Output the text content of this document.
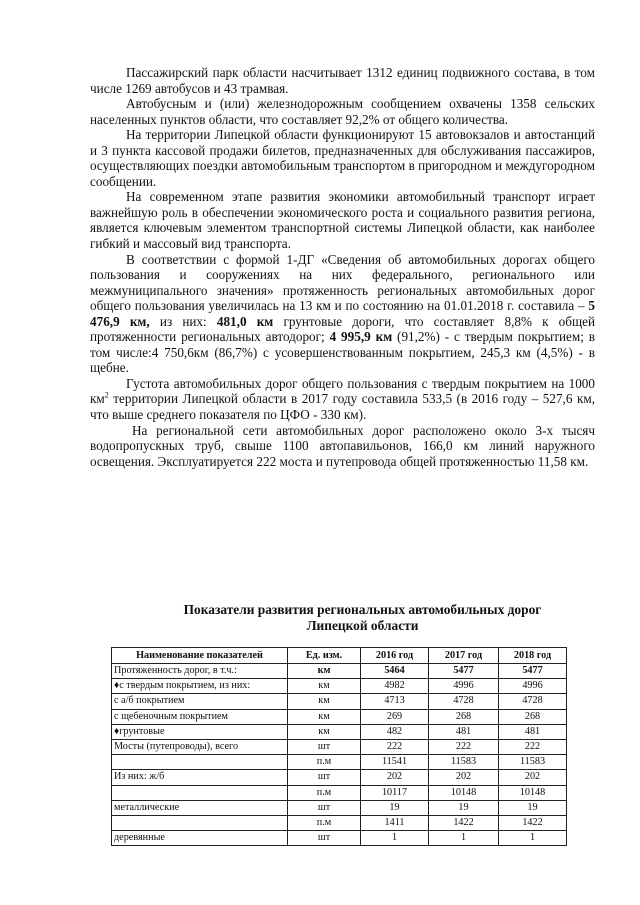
Пассажирский парк области насчитывает 1312 единиц подвижного состава, в том числе 1269 автобусов и 43 трамвая.

Автобусным и (или) железнодорожным сообщением охвачены 1358 сельских населенных пунктов области, что составляет 92,2% от общего количества.

На территории Липецкой области функционируют 15 автовокзалов и автостанций и 3 пункта кассовой продажи билетов, предназначенных для обслуживания пассажиров, осуществляющих поездки автомобильным транспортом в пригородном и междугородном сообщении.

На современном этапе развития экономики автомобильный транспорт играет важнейшую роль в обеспечении экономического роста и социального развития региона, является ключевым элементом транспортной системы Липецкой области, как наиболее гибкий и массовый вид транспорта.

В соответствии с формой 1-ДГ «Сведения об автомобильных дорогах общего пользования и сооружениях на них федерального, регионального или межмуниципального значения» протяженность региональных автомобильных дорог общего пользования увеличилась на 13 км и по состоянию на 01.01.2018 г. составила – 5 476,9 км, из них: 481,0 км грунтовые дороги, что составляет 8,8% к общей протяженности региональных автодорог; 4 995,9 км (91,2%) - с твердым покрытием; в том числе:4 750,6км (86,7%) с усовершенствованным покрытием, 245,3 км (4,5%) - в щебне.

Густота автомобильных дорог общего пользования с твердым покрытием на 1000 $км^2$ территории Липецкой области в 2017 году составила 533,5 (в 2016 году – 527,6 км, что выше среднего показателя по ЦФО - 330 км).

На региональной сети автомобильных дорог расположено около 3-х тысяч водопропускных труб, свыше 1100 автопавильонов, 166,0 км линий наружного освещения. Эксплуатируется 222 моста и путепровода общей протяженностью 11,58 км.

Показатели развития региональных автомобильных дорог
Липецкой области
Наименование показателей	Ед. изм.	2016 год	2017 год	2018 год
Протяженность дорог, в т.ч.:	км	5464	5477	5477
♦с твердым покрытием, из них:	км	4982	4996	4996
с а/б покрытием	км	4713	4728	4728
с щебеночным покрытием	км	269	268	268
♦грунтовые	км	482	481	481
Мосты (путепроводы), всего	шт	222	222	222
	п.м	11541	11583	11583
Из них: ж/б	шт	202	202	202
	п.м	10117	10148	10148
металлические	шт	19	19	19
	п.м	1411	1422	1422
деревянные	шт	1	1	1
